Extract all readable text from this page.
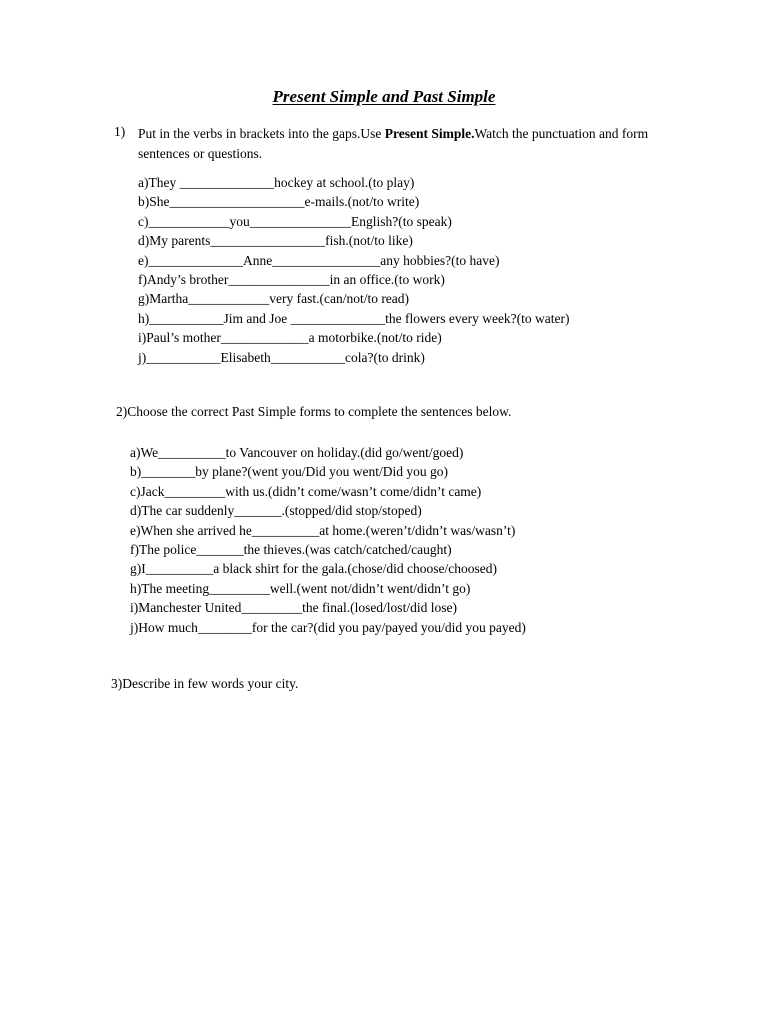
Present Simple and Past Simple
1) Put in the verbs in brackets into the gaps.Use Present Simple.Watch the punctuation and form sentences or questions.
a)They ______________hockey at school.(to play)
b)She____________________e-mails.(not/to write)
c)____________you_______________English?(to speak)
d)My parents_________________fish.(not/to like)
e)______________Anne________________any hobbies?(to have)
f)Andy’s brother_______________in an office.(to work)
g)Martha____________very fast.(can/not/to read)
h)___________Jim and Joe ______________the flowers every week?(to water)
i)Paul’s mother_____________a motorbike.(not/to ride)
j)___________Elisabeth___________cola?(to drink)
2)Choose the correct Past Simple forms to complete the sentences below.
a)We__________to Vancouver on holiday.(did go/went/goed)
b)________by plane?(went you/Did you went/Did you go)
c)Jack_________with us.(didn’t come/wasn’t come/didn’t came)
d)The car suddenly_______.(stopped/did stop/stoped)
e)When she arrived he__________at home.(weren’t/didn’t was/wasn’t)
f)The police_______the thieves.(was catch/catched/caught)
g)I__________a black shirt for the gala.(chose/did choose/choosed)
h)The meeting_________well.(went not/didn’t went/didn’t go)
i)Manchester United_________the final.(losed/lost/did lose)
j)How much________for the car?(did you pay/payed you/did you payed)
3)Describe in few words your city.
